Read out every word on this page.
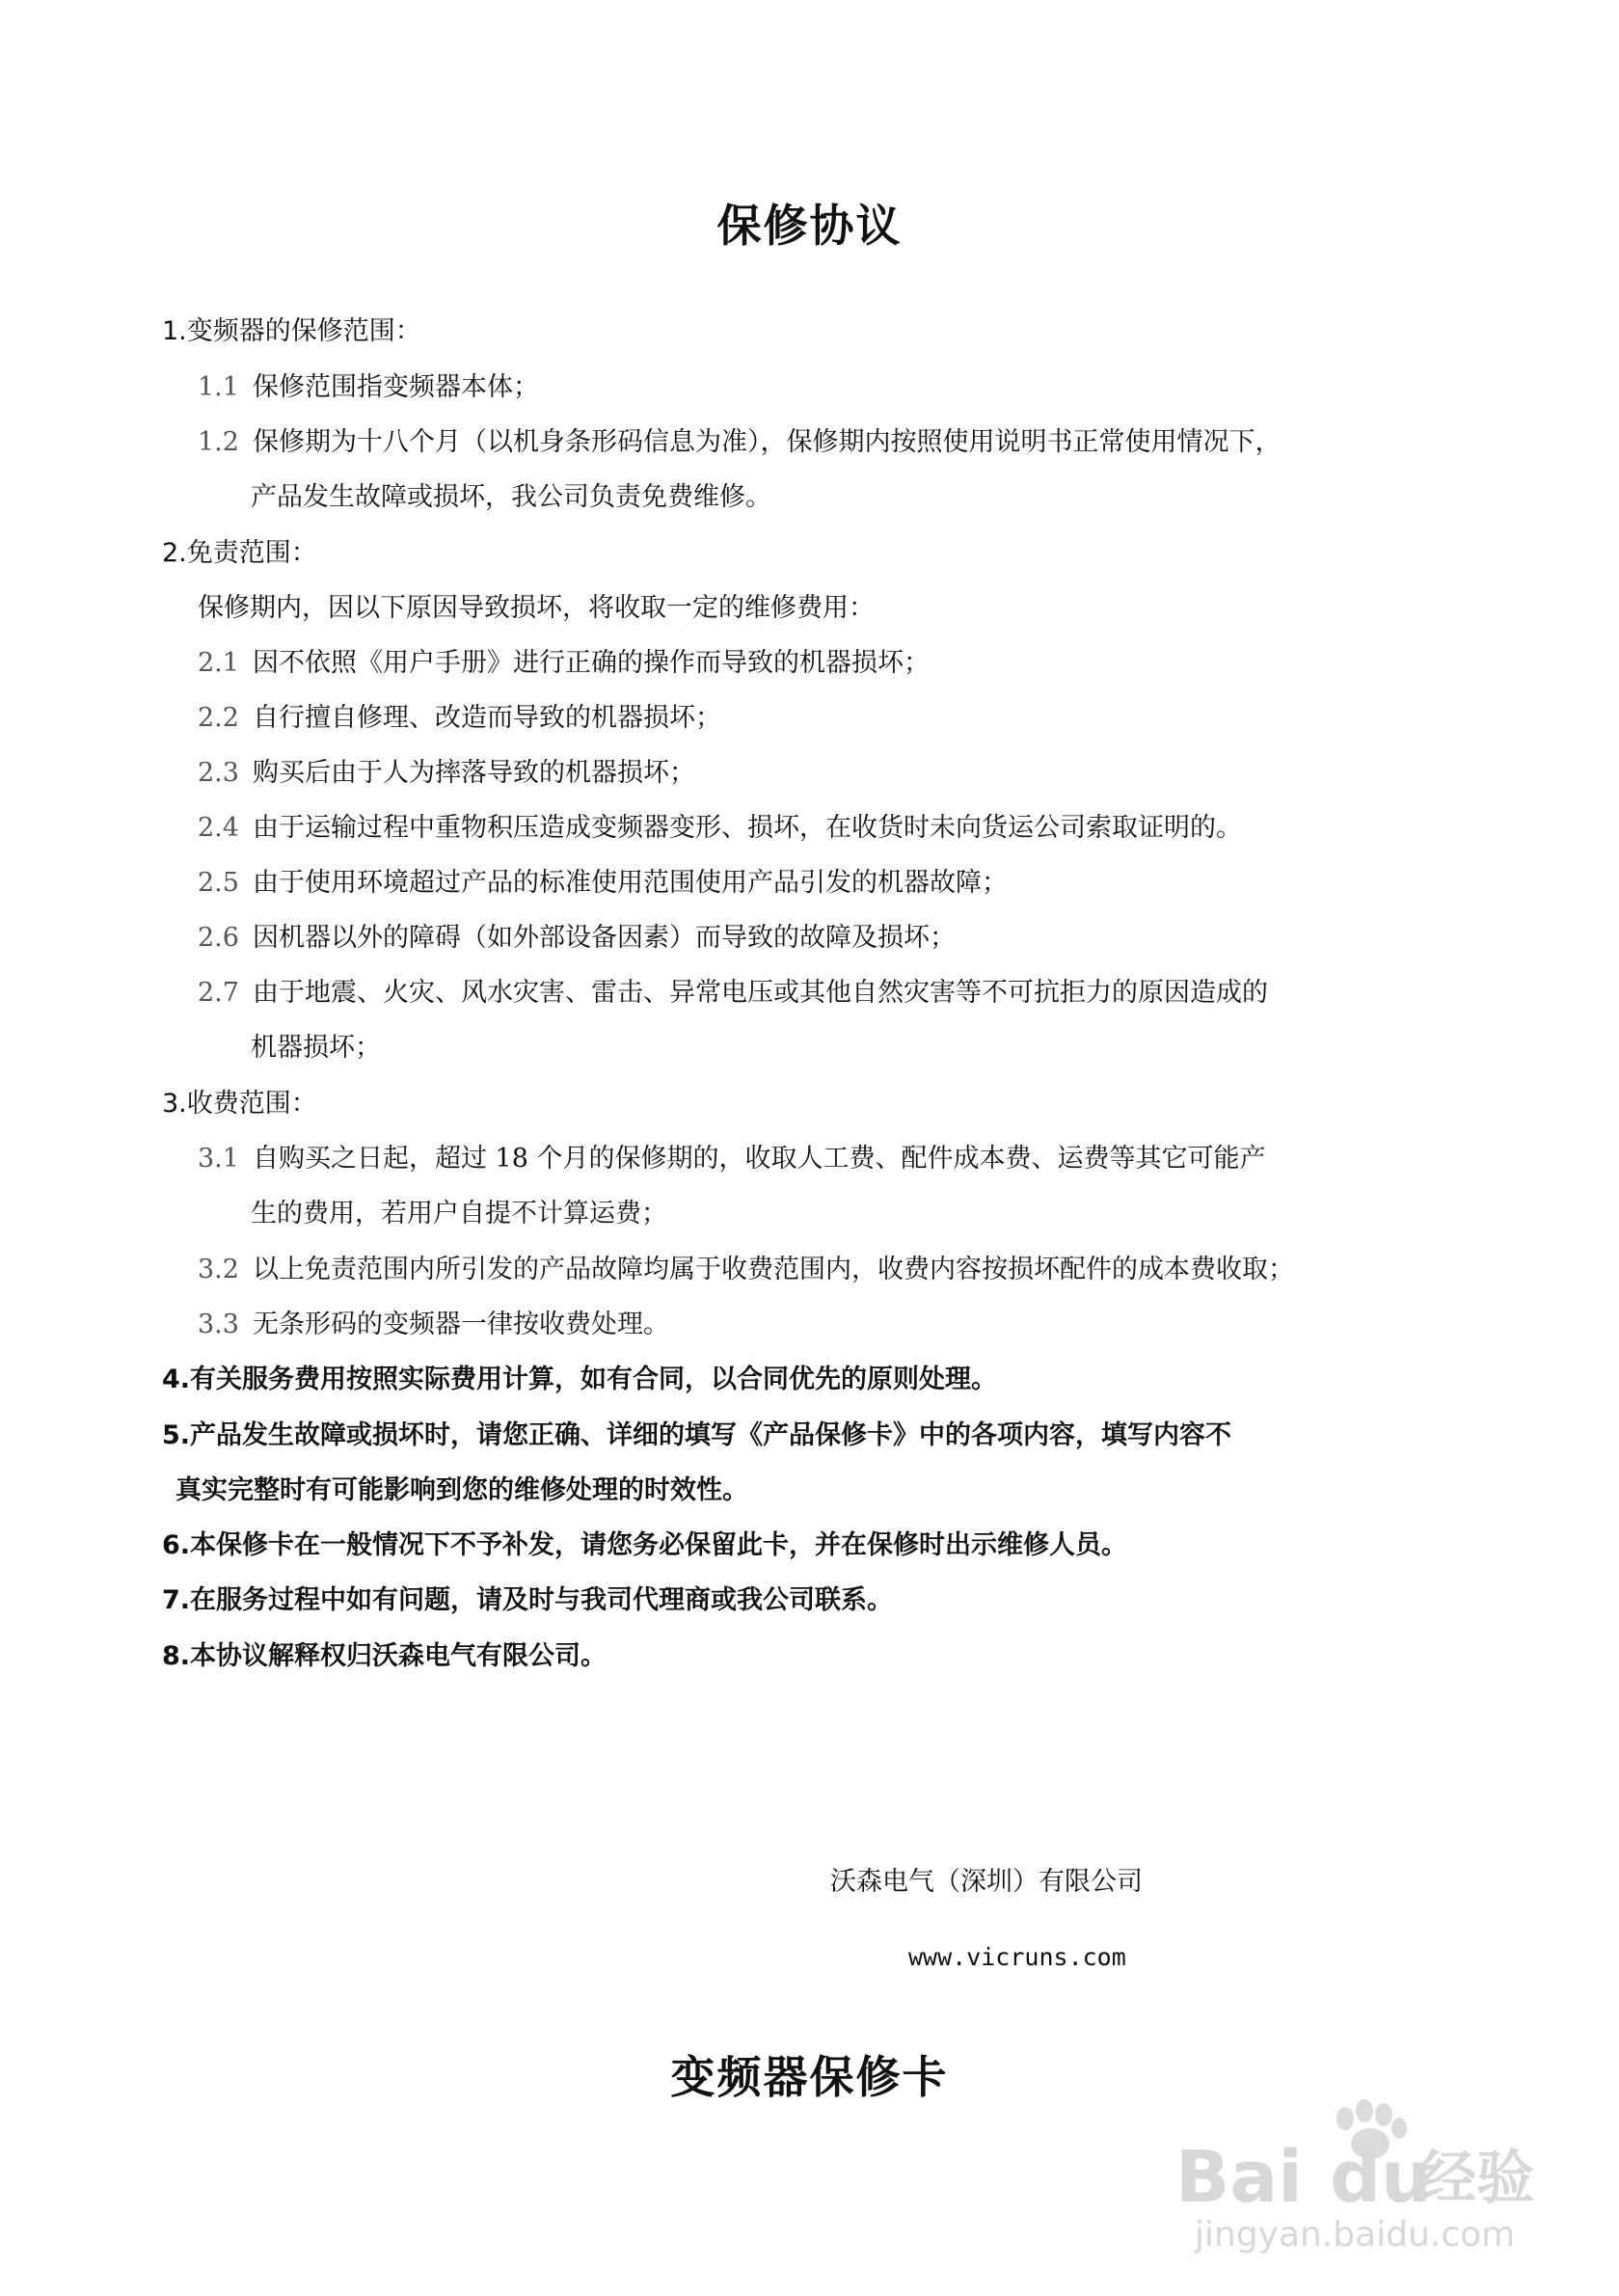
保修协议
1.变频器的保修范围：
1.1 保修范围指变频器本体；
1.2 保修期为十八个月（以机身条形码信息为准），保修期内按照使用说明书正常使用情况下，
产品发生故障或损坏，我公司负责免费维修。
2.免责范围：
保修期内，因以下原因导致损坏，将收取一定的维修费用：
2.1 因不依照《用户手册》进行正确的操作而导致的机器损坏；
2.2 自行擅自修理、改造而导致的机器损坏；
2.3 购买后由于人为摔落导致的机器损坏；
2.4 由于运输过程中重物积压造成变频器变形、损坏，在收货时未向货运公司索取证明的。
2.5 由于使用环境超过产品的标准使用范围使用产品引发的机器故障；
2.6 因机器以外的障碍（如外部设备因素）而导致的故障及损坏；
2.7 由于地震、火灾、风水灾害、雷击、异常电压或其他自然灾害等不可抗拒力的原因造成的
机器损坏；
3.收费范围：
3.1 自购买之日起，超过 18 个月的保修期的，收取人工费、配件成本费、运费等其它可能产
生的费用，若用户自提不计算运费；
3.2 以上免责范围内所引发的产品故障均属于收费范围内，收费内容按损坏配件的成本费收取；
3.3 无条形码的变频器一律按收费处理。
4.有关服务费用按照实际费用计算，如有合同，以合同优先的原则处理。
5.产品发生故障或损坏时，请您正确、详细的填写《产品保修卡》中的各项内容，填写内容不
真实完整时有可能影响到您的维修处理的时效性。
6.本保修卡在一般情况下不予补发，请您务必保留此卡，并在保修时出示维修人员。
7.在服务过程中如有问题，请及时与我司代理商或我公司联系。
8.本协议解释权归沃森电气有限公司。
沃森电气（深圳）有限公司
www.vicruns.com
变频器保修卡
Bai du
经验
jingyan.baidu.com
